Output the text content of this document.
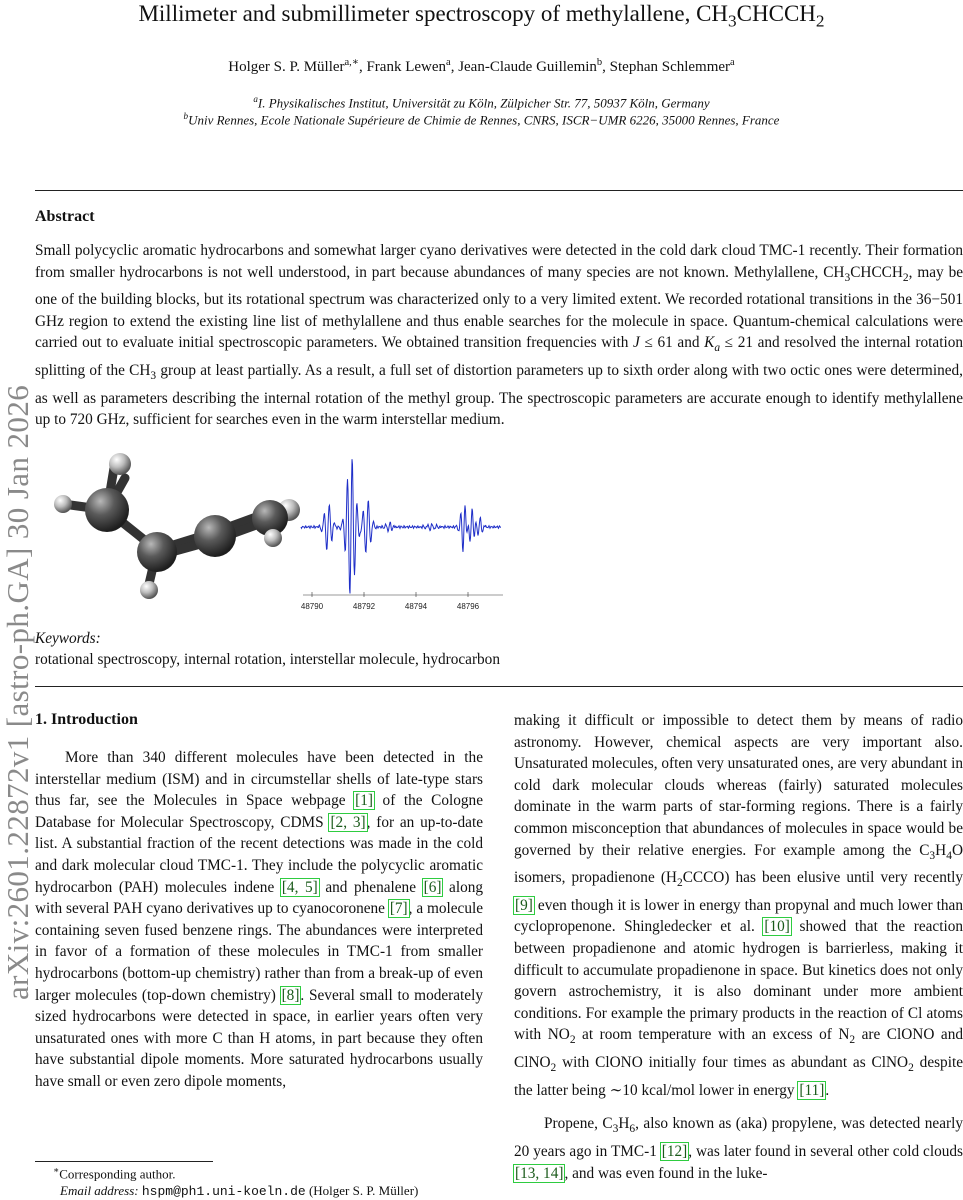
arXiv:2601.22872v1 [astro-ph.GA] 30 Jan 2026
Millimeter and submillimeter spectroscopy of methylallene, $CH_3CHCCH_2$
Holger S. P. Müller$^{a,∗}$, Frank Lewen$^a$, Jean-Claude Guillemin$^b$, Stephan Schlemmer$^a$
$^a$I. Physikalisches Institut, Universität zu Köln, Zülpicher Str. 77, 50937 Köln, Germany
$^b$Univ Rennes, Ecole Nationale Supérieure de Chimie de Rennes, CNRS, ISCR−UMR 6226, 35000 Rennes, France
Abstract
Small polycyclic aromatic hydrocarbons and somewhat larger cyano derivatives were detected in the cold dark cloud TMC-1 recently. Their formation from smaller hydrocarbons is not well understood, in part because abundances of many species are not known. Methylallene, $CH_3CHCCH_2$, may be one of the building blocks, but its rotational spectrum was characterized only to a very limited extent. We recorded rotational transitions in the 36−501 GHz region to extend the existing line list of methylallene and thus enable searches for the molecule in space. Quantum-chemical calculations were carried out to evaluate initial spectroscopic parameters. We obtained transition frequencies with J ≤ 61 and $K_a \le 21$ and resolved the internal rotation splitting of the $CH_3$ group at least partially. As a result, a full set of distortion parameters up to sixth order along with two octic ones were determined, as well as parameters describing the internal rotation of the methyl group. The spectroscopic parameters are accurate enough to identify methylallene up to 720 GHz, sufficient for searches even in the warm interstellar medium.
48790	48792	48794	48796
Keywords:
rotational spectroscopy, internal rotation, interstellar molecule, hydrocarbon
1. Introduction

More than 340 different molecules have been detected in the interstellar medium (ISM) and in circumstellar shells of late-type stars thus far, see the Molecules in Space webpage [1] of the Cologne Database for Molecular Spectroscopy, CDMS [2, 3], for an up-to-date list. A substantial fraction of the recent detections was made in the cold and dark molecular cloud TMC-1. They include the polycyclic aromatic hydrocarbon (PAH) molecules indene [4, 5] and phenalene [6] along with several PAH cyano derivatives up to cyanocoronene [7], a molecule containing seven fused benzene rings. The abundances were interpreted in favor of a formation of these molecules in TMC-1 from smaller hydrocarbons (bottom-up chemistry) rather than from a break-up of even larger molecules (top-down chemistry) [8]. Several small to moderately sized hydrocarbons were detected in space, in earlier years often very unsaturated ones with more C than H atoms, in part because they often have substantial dipole moments. More saturated hydrocarbons usually have small or even zero dipole moments,

making it difficult or impossible to detect them by means of radio astronomy. However, chemical aspects are very important also. Unsaturated molecules, often very unsaturated ones, are very abundant in cold dark molecular clouds whereas (fairly) saturated molecules dominate in the warm parts of star-forming regions. There is a fairly common misconception that abundances of molecules in space would be governed by their relative energies. For example among the $C_3H_4O$ isomers, propadienone $(H_2CCCO)$ has been elusive until very recently [9] even though it is lower in energy than propynal and much lower than cyclopropenone. Shingledecker et al. [10] showed that the reaction between propadienone and atomic hydrogen is barrierless, making it difficult to accumulate propadienone in space. But kinetics does not only govern astrochemistry, it is also dominant under more ambient conditions. For example the primary products in the reaction of Cl atoms with $NO_2$ at room temperature with an excess of $N_2$ are ClONO and ClNO$_2$ with ClONO initially four times as abundant as ClNO$_2$ despite the latter being ∼10 kcal/mol lower in energy [11].

Propene, $C_3H_6$, also known as (aka) propylene, was detected nearly 20 years ago in TMC-1 [12], was later found in several other cold clouds [13, 14], and was even found in the luke-

∗Corresponding author.
Email address: hspm@ph1.uni-koeln.de (Holger S. P. Müller)
